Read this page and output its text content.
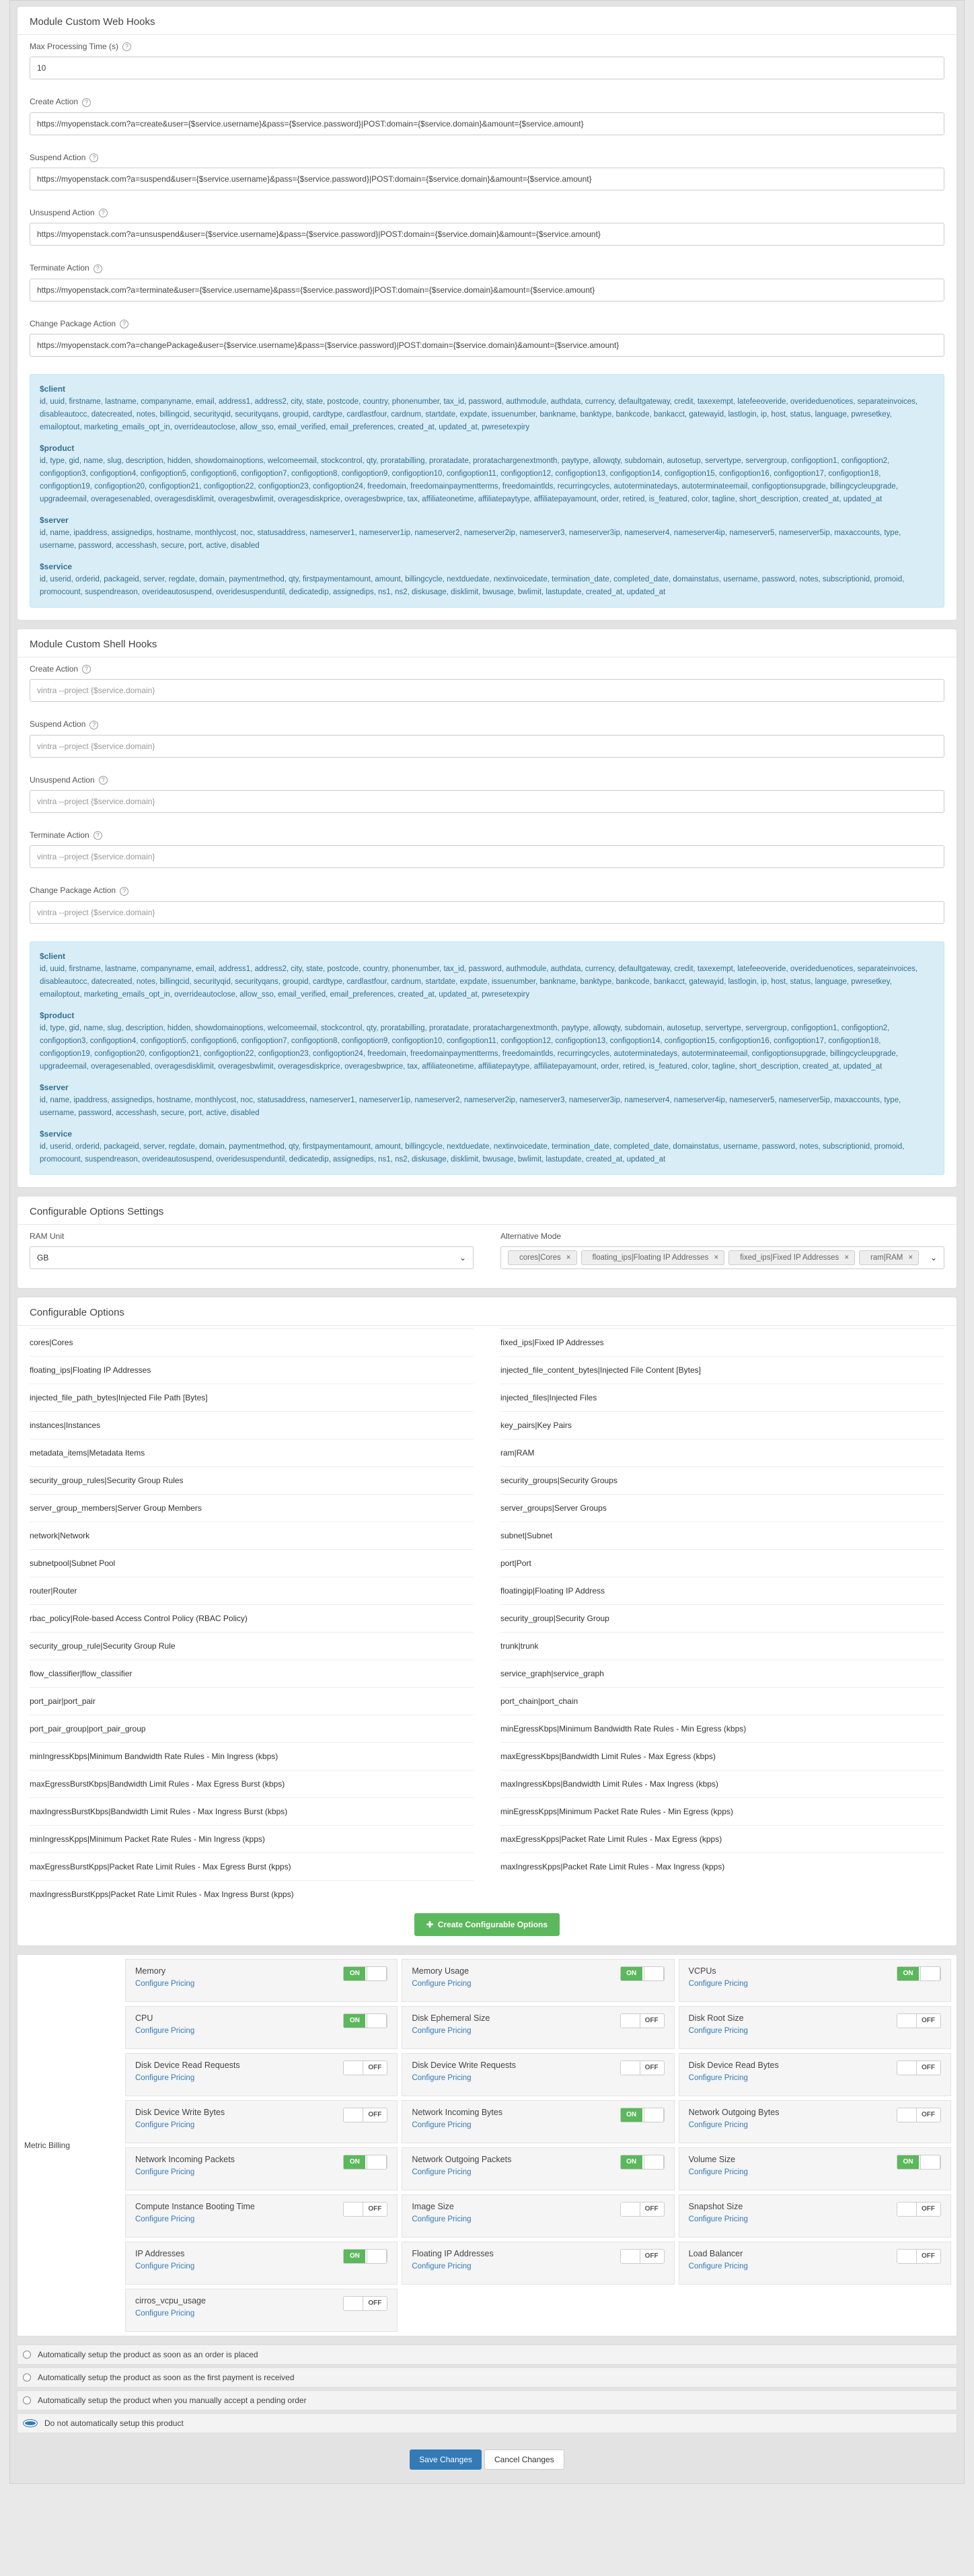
Module Custom Web Hooks
Max Processing Time (s) ?
10
Create Action ?
https://myopenstack.com?a=create&user={$service.username}&pass={$service.password}|POST:domain={$service.domain}&amount={$service.amount}
Suspend Action ?
https://myopenstack.com?a=suspend&user={$service.username}&pass={$service.password}|POST:domain={$service.domain}&amount={$service.amount}
Unsuspend Action ?
https://myopenstack.com?a=unsuspend&user={$service.username}&pass={$service.password}|POST:domain={$service.domain}&amount={$service.amount}
Terminate Action ?
https://myopenstack.com?a=terminate&user={$service.username}&pass={$service.password}|POST:domain={$service.domain}&amount={$service.amount}
Change Package Action ?
https://myopenstack.com?a=changePackage&user={$service.username}&pass={$service.password}|POST:domain={$service.domain}&amount={$service.amount}
$client
id, uuid, firstname, lastname, companyname, email, address1, address2, city, state, postcode, country, phonenumber, tax_id, password, authmodule, authdata, currency, defaultgateway, credit, taxexempt, latefeeoveride, overideduenotices, separateinvoices, disableautocc, datecreated, notes, billingcid, securityqid, securityqans, groupid, cardtype, cardlastfour, cardnum, startdate, expdate, issuenumber, bankname, banktype, bankcode, bankacct, gatewayid, lastlogin, ip, host, status, language, pwresetkey, emailoptout, marketing_emails_opt_in, overrideautoclose, allow_sso, email_verified, email_preferences, created_at, updated_at, pwresetexpiry
$product
id, type, gid, name, slug, description, hidden, showdomainoptions, welcomeemail, stockcontrol, qty, proratabilling, proratadate, proratachargenextmonth, paytype, allowqty, subdomain, autosetup, servertype, servergroup, configoption1, configoption2, configoption3, configoption4, configoption5, configoption6, configoption7, configoption8, configoption9, configoption10, configoption11, configoption12, configoption13, configoption14, configoption15, configoption16, configoption17, configoption18, configoption19, configoption20, configoption21, configoption22, configoption23, configoption24, freedomain, freedomainpaymentterms, freedomaintlds, recurringcycles, autoterminatedays, autoterminateemail, configoptionsupgrade, billingcycleupgrade, upgradeemail, overagesenabled, overagesdisklimit, overagesbwlimit, overagesdiskprice, overagesbwprice, tax, affiliateonetime, affiliatepaytype, affiliatepayamount, order, retired, is_featured, color, tagline, short_description, created_at, updated_at
$server
id, name, ipaddress, assignedips, hostname, monthlycost, noc, statusaddress, nameserver1, nameserver1ip, nameserver2, nameserver2ip, nameserver3, nameserver3ip, nameserver4, nameserver4ip, nameserver5, nameserver5ip, maxaccounts, type, username, password, accesshash, secure, port, active, disabled
$service
id, userid, orderid, packageid, server, regdate, domain, paymentmethod, qty, firstpaymentamount, amount, billingcycle, nextduedate, nextinvoicedate, termination_date, completed_date, domainstatus, username, password, notes, subscriptionid, promoid, promocount, suspendreason, overideautosuspend, overidesuspenduntil, dedicatedip, assignedips, ns1, ns2, diskusage, disklimit, bwusage, bwlimit, lastupdate, created_at, updated_at
Module Custom Shell Hooks
Create Action ?
vintra --project {$service.domain}
Suspend Action ?
vintra --project {$service.domain}
Unsuspend Action ?
vintra --project {$service.domain}
Terminate Action ?
vintra --project {$service.domain}
Change Package Action ?
vintra --project {$service.domain}
$client
id, uuid, firstname, lastname, companyname, email, address1, address2, city, state, postcode, country, phonenumber, tax_id, password, authmodule, authdata, currency, defaultgateway, credit, taxexempt, latefeeoveride, overideduenotices, separateinvoices, disableautocc, datecreated, notes, billingcid, securityqid, securityqans, groupid, cardtype, cardlastfour, cardnum, startdate, expdate, issuenumber, bankname, banktype, bankcode, bankacct, gatewayid, lastlogin, ip, host, status, language, pwresetkey, emailoptout, marketing_emails_opt_in, overrideautoclose, allow_sso, email_verified, email_preferences, created_at, updated_at, pwresetexpiry
$product
id, type, gid, name, slug, description, hidden, showdomainoptions, welcomeemail, stockcontrol, qty, proratabilling, proratadate, proratachargenextmonth, paytype, allowqty, subdomain, autosetup, servertype, servergroup, configoption1, configoption2, configoption3, configoption4, configoption5, configoption6, configoption7, configoption8, configoption9, configoption10, configoption11, configoption12, configoption13, configoption14, configoption15, configoption16, configoption17, configoption18, configoption19, configoption20, configoption21, configoption22, configoption23, configoption24, freedomain, freedomainpaymentterms, freedomaintlds, recurringcycles, autoterminatedays, autoterminateemail, configoptionsupgrade, billingcycleupgrade, upgradeemail, overagesenabled, overagesdisklimit, overagesbwlimit, overagesdiskprice, overagesbwprice, tax, affiliateonetime, affiliatepaytype, affiliatepayamount, order, retired, is_featured, color, tagline, short_description, created_at, updated_at
$server
id, name, ipaddress, assignedips, hostname, monthlycost, noc, statusaddress, nameserver1, nameserver1ip, nameserver2, nameserver2ip, nameserver3, nameserver3ip, nameserver4, nameserver4ip, nameserver5, nameserver5ip, maxaccounts, type, username, password, accesshash, secure, port, active, disabled
$service
id, userid, orderid, packageid, server, regdate, domain, paymentmethod, qty, firstpaymentamount, amount, billingcycle, nextduedate, nextinvoicedate, termination_date, completed_date, domainstatus, username, password, notes, subscriptionid, promoid, promocount, suspendreason, overideautosuspend, overidesuspenduntil, dedicatedip, assignedips, ns1, ns2, diskusage, disklimit, bwusage, bwlimit, lastupdate, created_at, updated_at
Configurable Options Settings
RAM Unit
GB	⌄
Alternative Mode
cores|Cores ×	floating_ips|Floating IP Addresses ×	fixed_ips|Fixed IP Addresses ×	ram|RAM ×	⌄
Configurable Options
cores|Cores	fixed_ips|Fixed IP Addresses
floating_ips|Floating IP Addresses	injected_file_content_bytes|Injected File Content [Bytes]
injected_file_path_bytes|Injected File Path [Bytes]	injected_files|Injected Files
instances|Instances	key_pairs|Key Pairs
metadata_items|Metadata Items	ram|RAM
security_group_rules|Security Group Rules	security_groups|Security Groups
server_group_members|Server Group Members	server_groups|Server Groups
network|Network	subnet|Subnet
subnetpool|Subnet Pool	port|Port
router|Router	floatingip|Floating IP Address
rbac_policy|Role-based Access Control Policy (RBAC Policy)	security_group|Security Group
security_group_rule|Security Group Rule	trunk|trunk
flow_classifier|flow_classifier	service_graph|service_graph
port_pair|port_pair	port_chain|port_chain
port_pair_group|port_pair_group	minEgressKbps|Minimum Bandwidth Rate Rules - Min Egress (kbps)
minIngressKbps|Minimum Bandwidth Rate Rules - Min Ingress (kbps)	maxEgressKbps|Bandwidth Limit Rules - Max Egress (kbps)
maxEgressBurstKbps|Bandwidth Limit Rules - Max Egress Burst (kbps)	maxIngressKbps|Bandwidth Limit Rules - Max Ingress (kbps)
maxIngressBurstKbps|Bandwidth Limit Rules - Max Ingress Burst (kbps)	minEgressKpps|Minimum Packet Rate Rules - Min Egress (kpps)
minIngressKpps|Minimum Packet Rate Rules - Min Ingress (kpps)	maxEgressKpps|Packet Rate Limit Rules - Max Egress (kpps)
maxEgressBurstKpps|Packet Rate Limit Rules - Max Egress Burst (kpps)	maxIngressKpps|Packet Rate Limit Rules - Max Ingress (kpps)
maxIngressBurstKpps|Packet Rate Limit Rules - Max Ingress Burst (kpps)
✚  Create Configurable Options
Metric Billing
Memory
Configure Pricing
ON	Memory Usage
Configure Pricing
ON	VCPUs
Configure Pricing
ON
CPU
Configure Pricing
ON	Disk Ephemeral Size
Configure Pricing
OFF	Disk Root Size
Configure Pricing
OFF
Disk Device Read Requests
Configure Pricing
OFF	Disk Device Write Requests
Configure Pricing
OFF	Disk Device Read Bytes
Configure Pricing
OFF
Disk Device Write Bytes
Configure Pricing
OFF	Network Incoming Bytes
Configure Pricing
ON	Network Outgoing Bytes
Configure Pricing
OFF
Network Incoming Packets
Configure Pricing
ON	Network Outgoing Packets
Configure Pricing
ON	Volume Size
Configure Pricing
ON
Compute Instance Booting Time
Configure Pricing
OFF	Image Size
Configure Pricing
OFF	Snapshot Size
Configure Pricing
OFF
IP Addresses
Configure Pricing
ON	Floating IP Addresses
Configure Pricing
OFF	Load Balancer
Configure Pricing
OFF
cirros_vcpu_usage
Configure Pricing
OFF
Automatically setup the product as soon as an order is placed
Automatically setup the product as soon as the first payment is received
Automatically setup the product when you manually accept a pending order
Do not automatically setup this product
Save Changes	Cancel Changes
